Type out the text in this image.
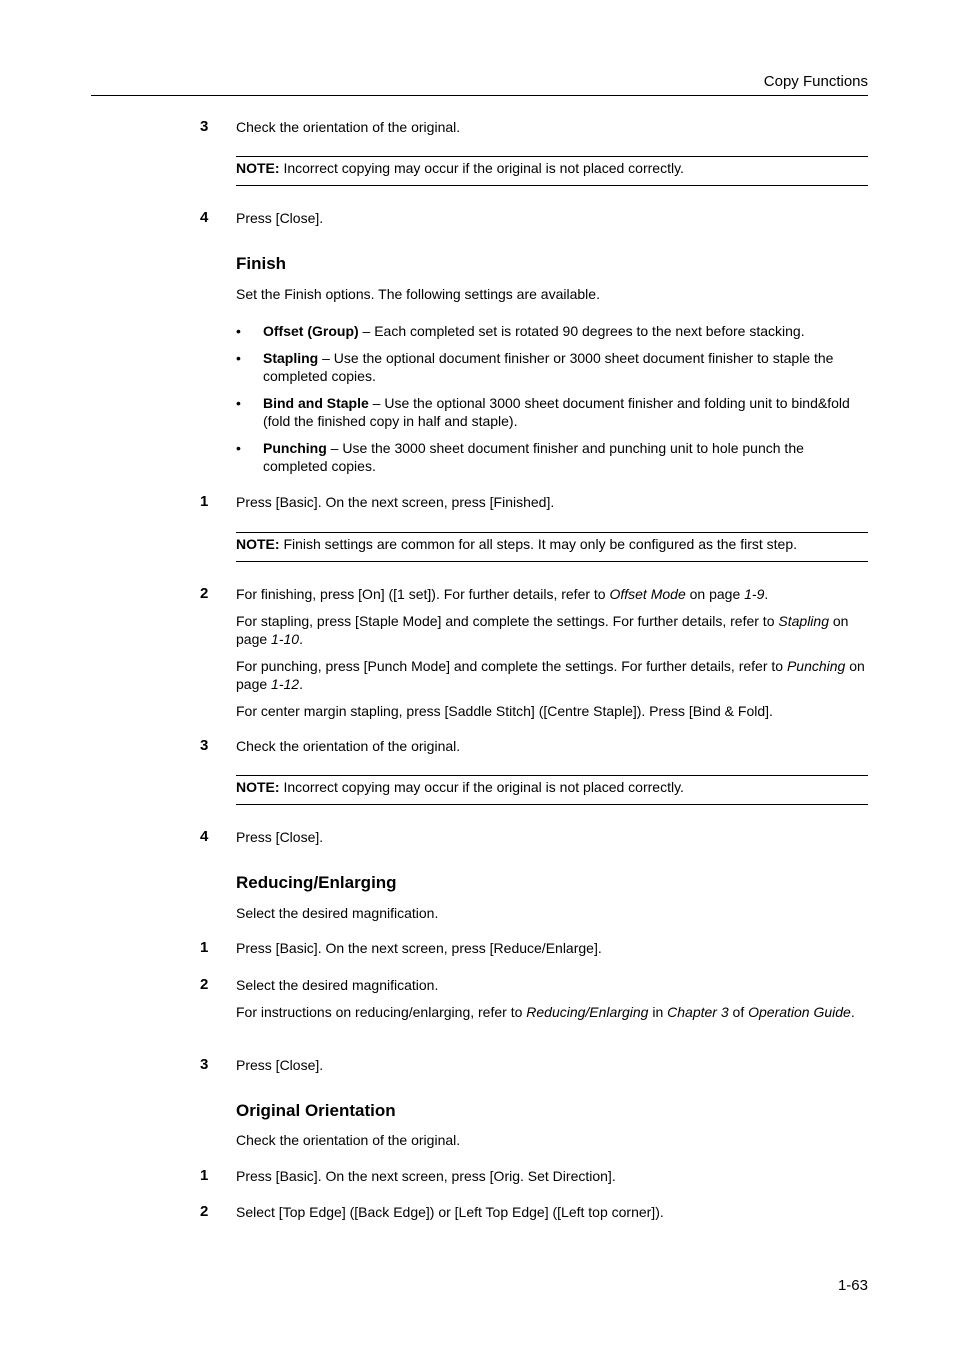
Copy Functions
3 Check the orientation of the original.
NOTE: Incorrect copying may occur if the original is not placed correctly.
4 Press [Close].
Finish
Set the Finish options. The following settings are available.
• Offset (Group) – Each completed set is rotated 90 degrees to the next before stacking.
• Stapling – Use the optional document finisher or 3000 sheet document finisher to staple the completed copies.
• Bind and Staple – Use the optional 3000 sheet document finisher and folding unit to bind&fold (fold the finished copy in half and staple).
• Punching – Use the 3000 sheet document finisher and punching unit to hole punch the completed copies.
1 Press [Basic]. On the next screen, press [Finished].
NOTE: Finish settings are common for all steps. It may only be configured as the first step.
2 For finishing, press [On] ([1 set]). For further details, refer to Offset Mode on page 1-9.
For stapling, press [Staple Mode] and complete the settings. For further details, refer to Stapling on page 1-10.
For punching, press [Punch Mode] and complete the settings. For further details, refer to Punching on page 1-12.
For center margin stapling, press [Saddle Stitch] ([Centre Staple]). Press [Bind & Fold].
3 Check the orientation of the original.
NOTE: Incorrect copying may occur if the original is not placed correctly.
4 Press [Close].
Reducing/Enlarging
Select the desired magnification.
1 Press [Basic]. On the next screen, press [Reduce/Enlarge].
2 Select the desired magnification.
For instructions on reducing/enlarging, refer to Reducing/Enlarging in Chapter 3 of Operation Guide.
3 Press [Close].
Original Orientation
Check the orientation of the original.
1 Press [Basic]. On the next screen, press [Orig. Set Direction].
2 Select [Top Edge] ([Back Edge]) or [Left Top Edge] ([Left top corner]).
1-63
